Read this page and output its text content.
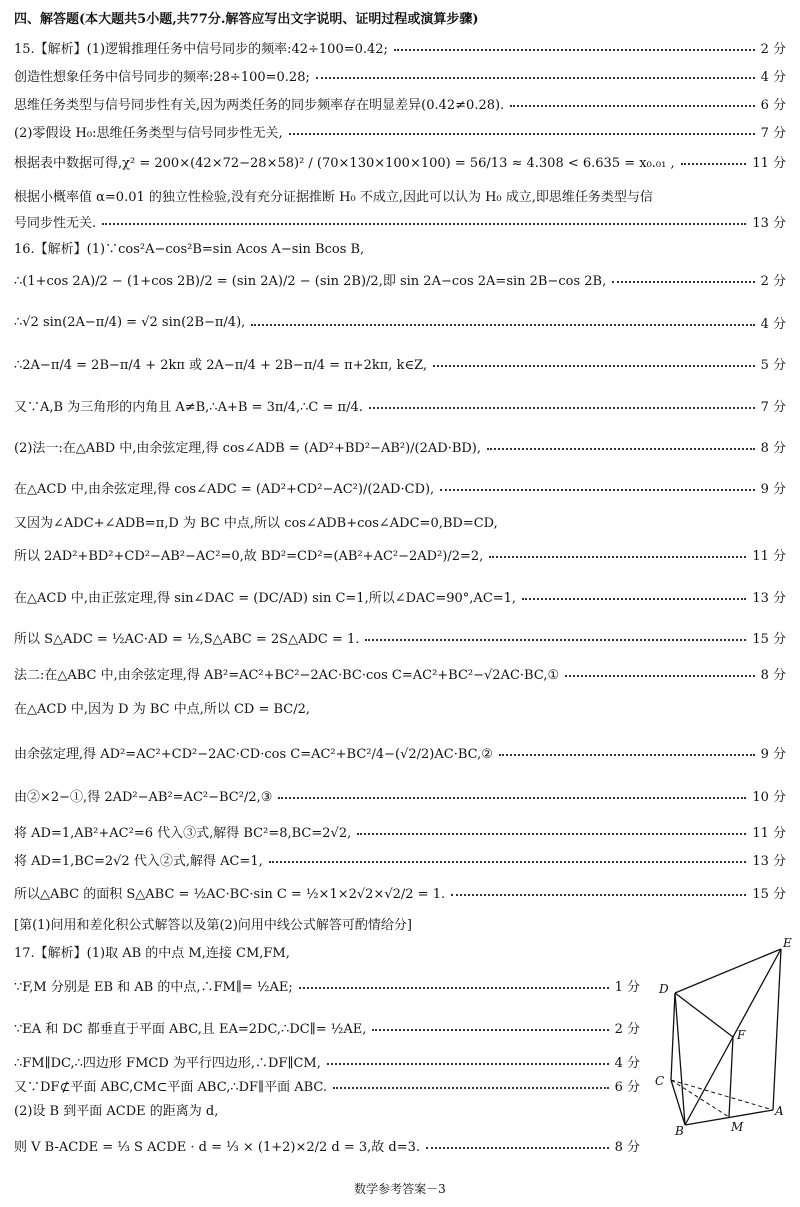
四、解答题(本大题共5小题,共77分.解答应写出文字说明、证明过程或演算步骤)
15.【解析】(1)逻辑推理任务中信号同步的频率:42÷100=0.42;	2 分
创造性想象任务中信号同步的频率:28÷100=0.28;	4 分
思维任务类型与信号同步性有关,因为两类任务的同步频率存在明显差异(0.42≠0.28).	6 分
(2)零假设 H₀:思维任务类型与信号同步性无关,	7 分
根据表中数据可得,χ² = 200×(42×72−28×58)² / (70×130×100×100) = 56/13 ≈ 4.308 < 6.635 = x₀.₀₁ ,	11 分
根据小概率值 α=0.01 的独立性检验,没有充分证据推断 H₀ 不成立,因此可以认为 H₀ 成立,即思维任务类型与信
号同步性无关.	13 分
16.【解析】(1)∵cos²A−cos²B=sin Acos A−sin Bcos B,
∴(1+cos 2A)/2 − (1+cos 2B)/2 = (sin 2A)/2 − (sin 2B)/2,即 sin 2A−cos 2A=sin 2B−cos 2B,	2 分
∴√2 sin(2A−π/4) = √2 sin(2B−π/4),	4 分
∴2A−π/4 = 2B−π/4 + 2kπ 或 2A−π/4 + 2B−π/4 = π+2kπ, k∈Z,	5 分
又∵A,B 为三角形的内角且 A≠B,∴A+B = 3π/4,∴C = π/4.	7 分
(2)法一:在△ABD 中,由余弦定理,得 cos∠ADB = (AD²+BD²−AB²)/(2AD·BD),	8 分
在△ACD 中,由余弦定理,得 cos∠ADC = (AD²+CD²−AC²)/(2AD·CD),	9 分
又因为∠ADC+∠ADB=π,D 为 BC 中点,所以 cos∠ADB+cos∠ADC=0,BD=CD,
所以 2AD²+BD²+CD²−AB²−AC²=0,故 BD²=CD²=(AB²+AC²−2AD²)/2=2,	11 分
在△ACD 中,由正弦定理,得 sin∠DAC = (DC/AD) sin C=1,所以∠DAC=90°,AC=1,	13 分
所以 S△ADC = ½AC·AD = ½,S△ABC = 2S△ADC = 1.	15 分
法二:在△ABC 中,由余弦定理,得 AB²=AC²+BC²−2AC·BC·cos C=AC²+BC²−√2AC·BC,①	8 分
在△ACD 中,因为 D 为 BC 中点,所以 CD = BC/2,
由余弦定理,得 AD²=AC²+CD²−2AC·CD·cos C=AC²+BC²/4−(√2/2)AC·BC,②	9 分
由②×2−①,得 2AD²−AB²=AC²−BC²/2,③	10 分
将 AD=1,AB²+AC²=6 代入③式,解得 BC²=8,BC=2√2,	11 分
将 AD=1,BC=2√2 代入②式,解得 AC=1,	13 分
所以△ABC 的面积 S△ABC = ½AC·BC·sin C = ½×1×2√2×√2/2 = 1.	15 分
[第(1)问用和差化积公式解答以及第(2)问用中线公式解答可酌情给分]
17.【解析】(1)取 AB 的中点 M,连接 CM,FM,
∵F,M 分别是 EB 和 AB 的中点,∴FM∥= ½AE;	1 分
∵EA 和 DC 都垂直于平面 ABC,且 EA=2DC,∴DC∥= ½AE,	2 分
∴FM∥DC,∴四边形 FMCD 为平行四边形,∴DF∥CM,	4 分
又∵DF⊄平面 ABC,CM⊂平面 ABC,∴DF∥平面 ABC.	6 分
(2)设 B 到平面 ACDE 的距离为 d,
则 V B-ACDE = ⅓ S ACDE · d = ⅓ × (1+2)×2/2 d = 3,故 d=3.	8 分
E
D
F
C
M
A
B
数学参考答案－3
